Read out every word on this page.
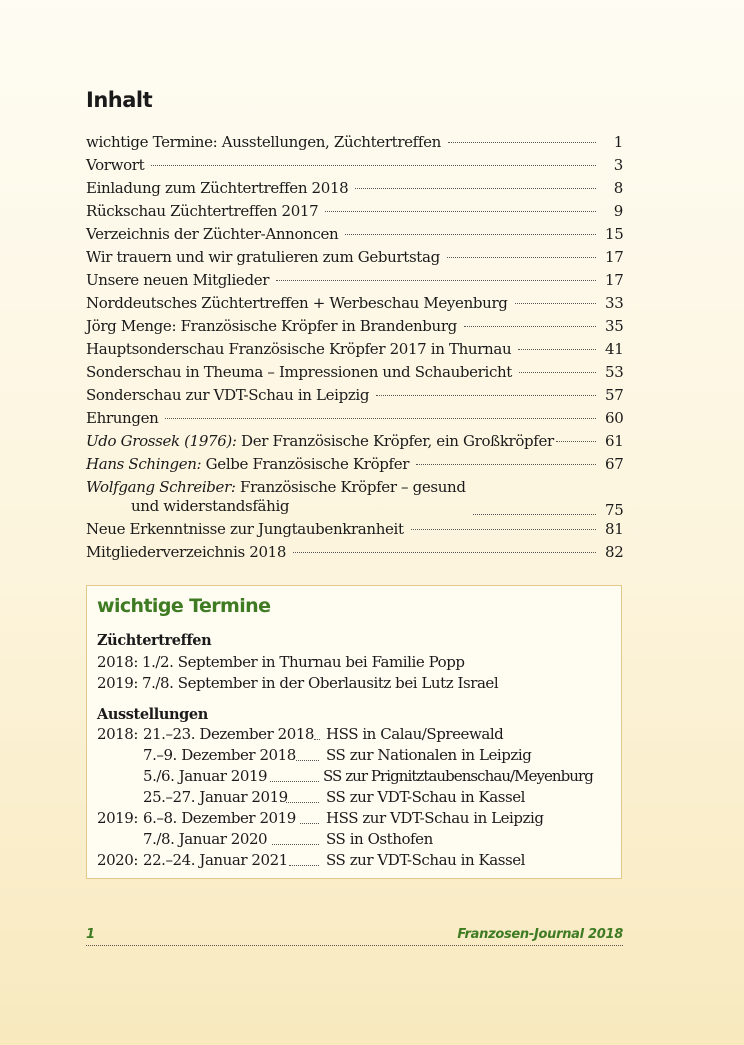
Inhalt
wichtige Termine: Ausstellungen, Züchtertreffen	1
Vorwort	3
Einladung zum Züchtertreffen 2018	8
Rückschau Züchtertreffen 2017	9
Verzeichnis der Züchter-Annoncen	15
Wir trauern und wir gratulieren zum Geburtstag	17
Unsere neuen Mitglieder	17
Norddeutsches Züchtertreffen + Werbeschau Meyenburg	33
Jörg Menge: Französische Kröpfer in Brandenburg	35
Hauptsonderschau Französische Kröpfer 2017 in Thurnau	41
Sonderschau in Theuma – Impressionen und Schaubericht	53
Sonderschau zur VDT-Schau in Leipzig	57
Ehrungen	60
Udo Grossek (1976): Der Französische Kröpfer, ein Großkröpfer	61
Hans Schingen: Gelbe Französische Kröpfer	67
Wolfgang Schreiber: Französische Kröpfer – gesund
und widerstandsfähig	75
Neue Erkenntnisse zur Jungtaubenkranheit	81
Mitgliederverzeichnis 2018	82
wichtige Termine
Züchtertreffen
2018: 1./2. September in Thurnau bei Familie Popp
2019: 7./8. September in der Oberlausitz bei Lutz Israel
Ausstellungen
2018: 21.–23. Dezember 2018 HSS in Calau/Spreewald
7.–9. Dezember 2018 SS zur Nationalen in Leipzig
5./6. Januar 2019	SS zur Prignitztaubenschau/Meyenburg
25.–27. Januar 2019	SS zur VDT-Schau in Kassel
2019: 6.–8. Dezember 2019 HSS zur VDT-Schau in Leipzig
7./8. Januar 2020	SS in Osthofen
2020: 22.–24. Januar 2021	SS zur VDT-Schau in Kassel
1	Franzosen-Journal 2018
